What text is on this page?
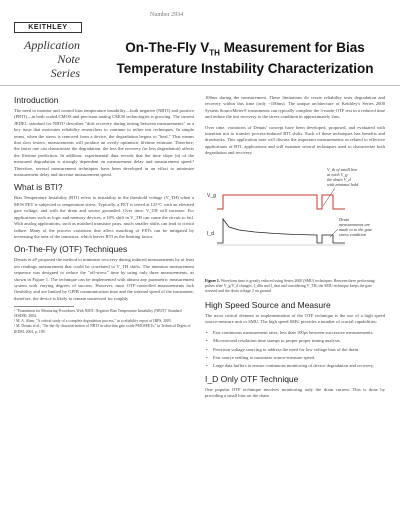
Number 2934
KEITHLEY
Application Note
Series
On-The-Fly $V_{TH}$ Measurement for Bias
Temperature Instability Characterization
Introduction

The need to monitor and control bias temperature instability—both negative (NBTI) and positive (PBTI)—in both scaled CMOS and precision analog CMOS technologies is growing. The current JEDEC standard for NBTI¹ describes "drift recovery during testing between measurements" as a key issue that motivates reliability researchers to continue to refine test techniques. In simple terms, when the stress is removed from a device, the degradation begins to "heal." That means that slow testers, measurements will produce an overly optimistic lifetime estimate. Therefore, the faster one can characterize the degradation, the less the recovery (or less degradation) affects the lifetime prediction. In addition, experimental data reveals that the time slope (n) of the measured degradation is strongly dependent on measurement delay and measurement speed.² Therefore, several measurement techniques have been developed in an effort to minimize measurement delay and increase measurement speed.

What is BTI?

Bias Temperature Instability (BTI) refers to instability in the threshold voltage (V_TH) when a MOS FET is subjected to temperature stress. Typically, a FET is tested at 125°C with an elevated gate voltage, and with the drain and source grounded. Over time, V_TH will increase. For applications such as logic and memory devices, a 10% shift in V_TH can cause the circuit to fail. With analog applications, such as matched transistor pairs, much smaller shifts can lead to circuit failure. Many of the process variations that affect matching of FETs can be mitigated by increasing the area of the transistor, which leaves BTI as the limiting factor.

On-The-Fly (OTF) Techniques

Denais et al³ proposed the method to minimize recovery during induced measurements by at least ten readings measurement that could be correlated to V_TH shifts. The intention measurement sequence was designed to reduce the "off-stress" time by using only three measurements, as shown in Figure 1. The technique can be implemented with almost any parametric measurement system with varying degrees of success. However, most OTF-controlled measurements lack flexibility and are limited by GPIB communication time and the internal speed of the instrument; therefore, the device is likely to remain unstressed for roughly

¹ "Foundation for Measuring Procedures With NBTI: Negative Bias Temperature Instability (NBTI)" Standard JESD90, 2004.

² M. A. Alam, "A critical study of a complete degradation process," in a reliability report of IRPS, 2005.

³ M. Denais et al., "On-the-fly characterization of NBTI in ultra-thin gate oxide PMOSFETs," in Technical Digest of IEDM, 2004, p. 109.

100ms during the measurement. These limitations do create reliability tests degradation and recovery within this time (only ~100ms). The unique architecture of Keithley's Series 2600 System SourceMeter® instruments can typically complete the 3-mode OTF test in a reduced time and reduce the test recovery to the stress condition in approximately 2ms.

Over time, variations of Denais' concept have been developed, proposed, and evaluated with intention not to transfer process-induced BTI shifts. Each of these techniques has benefits and drawbacks. This application note will discuss the important measurements as related to effective applications of BTI, applications and will examine several techniques used to characterize both degradation and recovery.

V_th of small line
at each V_g
the drain V_d
with minimal hold
V_g
I_d
Drain
measurements are
made to to the gate
stress condition

Figure 1. Waveform time is greatly reduced using Series 2600 (SMU) techniques. Between three performing pulses after V_g/V_d changes, I_dlin and I_dsat and considering V_TH, the SMU technique keeps the gate stressed and the drain voltage 2 on ground

High Speed Source and Measure

The most critical element to implementation of the OTF technique is the use of a high speed source-measure unit or SMU. The high speed SMU provides a number of crucial capabilities:

• Fast continuous measurement rates, less than 100μs between successive measurements.
• Microsecond resolution time stamps to proper proper timing analysis.
• Precision voltage sourcing to address the need for low voltage bias of the drain.
• Fast source settling to maximize source-measure speed.
• Large data buffers to ensure continuous monitoring of device degradation and recovery.
I_D Only OTF Technique

One popular OTF technique involves monitoring only the drain current. This is done by providing a small bias on the drain
